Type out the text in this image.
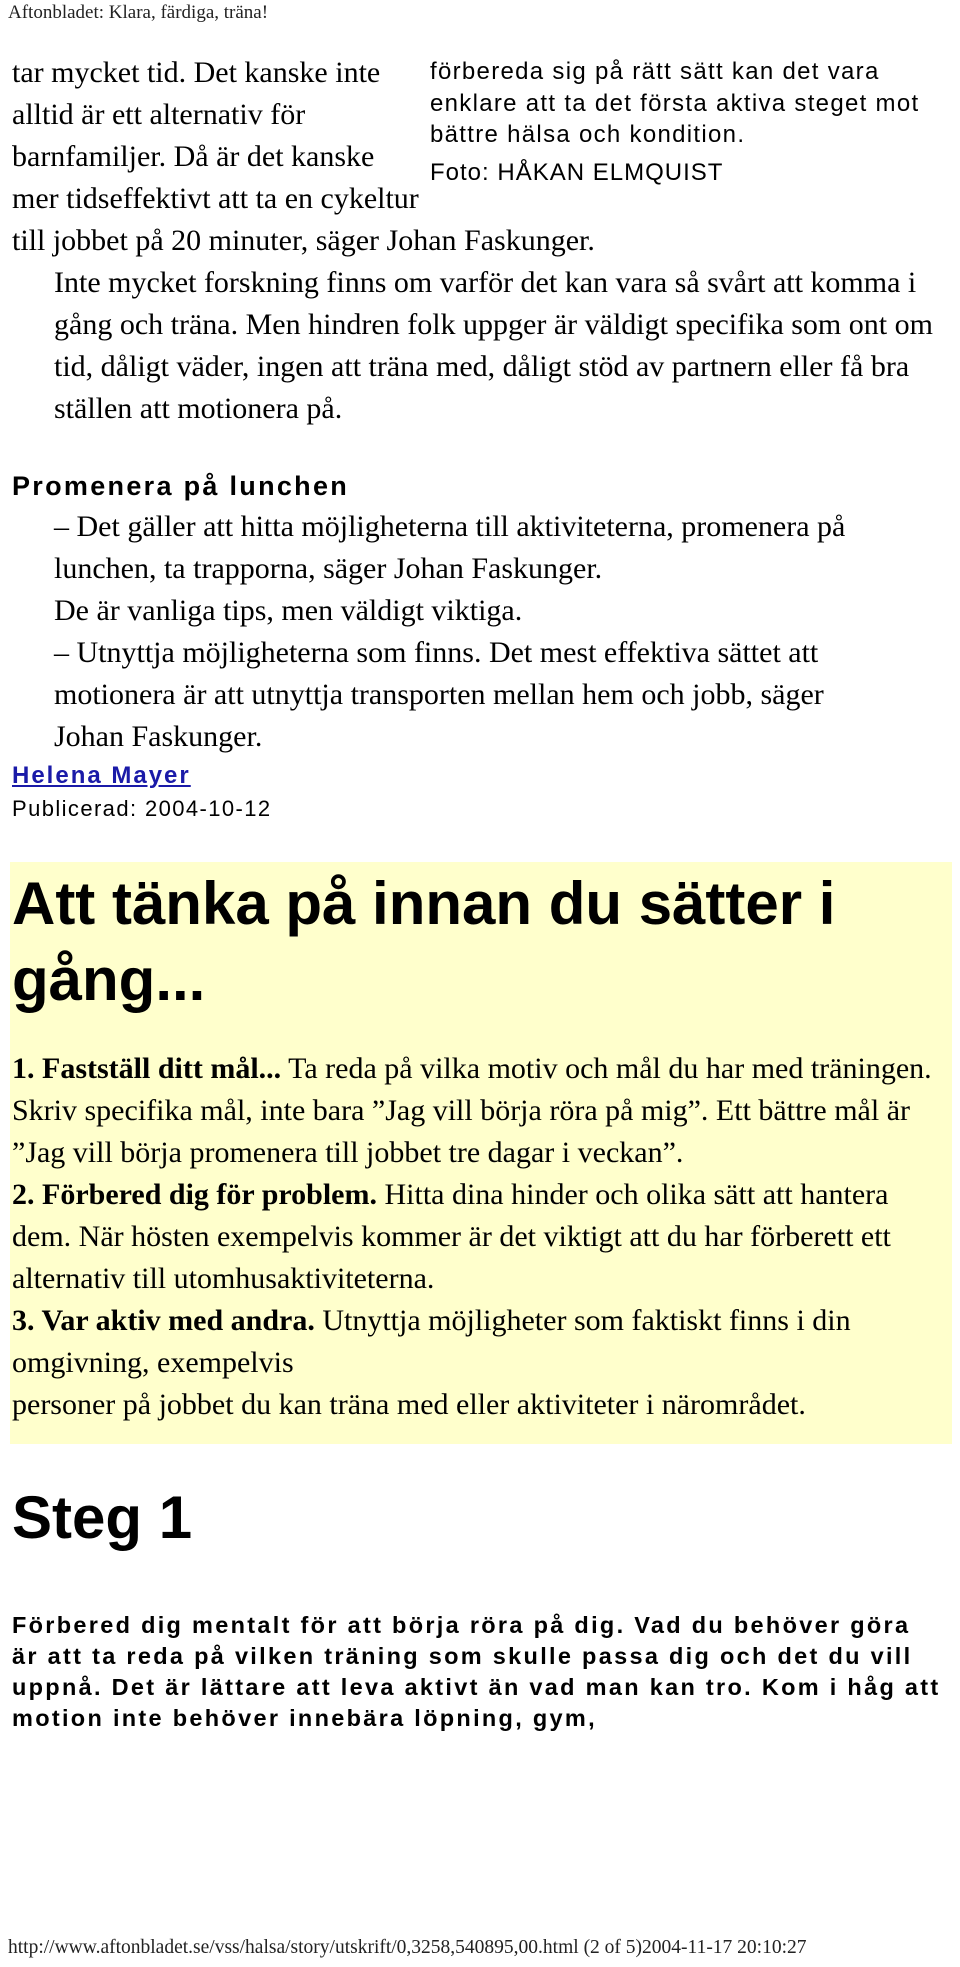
Aftonbladet: Klara, färdiga, träna!
förbereda sig på rätt sätt kan det vara enklare att ta det första aktiva steget mot bättre hälsa och kondition.
Foto: HÅKAN ELMQUIST

tar mycket tid. Det kanske inte alltid är ett alternativ för barnfamiljer. Då är det kanske mer tidseffektivt att ta en cykeltur till jobbet på 20 minuter, säger Johan Faskunger.

Inte mycket forskning finns om varför det kan vara så svårt att komma i gång och träna. Men hindren folk uppger är väldigt specifika som ont om tid, dåligt väder, ingen att träna med, dåligt stöd av partnern eller få bra ställen att motionera på.

Promenera på lunchen

– Det gäller att hitta möjligheterna till aktiviteterna, promenera på lunchen, ta trapporna, säger Johan Faskunger.

De är vanliga tips, men väldigt viktiga.

– Utnyttja möjligheterna som finns. Det mest effektiva sättet att motionera är att utnyttja transporten mellan hem och jobb, säger

Johan Faskunger.

Helena Mayer
Publicerad: 2004-10-12
Att tänka på innan du sätter i gång...

1. Fastställ ditt mål... Ta reda på vilka motiv och mål du har med träningen. Skriv specifika mål, inte bara ”Jag vill börja röra på mig”. Ett bättre mål är ”Jag vill börja promenera till jobbet tre dagar i veckan”.

2. Förbered dig för problem. Hitta dina hinder och olika sätt att hantera dem. När hösten exempelvis kommer är det viktigt att du har förberett ett alternativ till utomhusaktiviteterna.

3. Var aktiv med andra. Utnyttja möjligheter som faktiskt finns i din omgivning, exempelvis
personer på jobbet du kan träna med eller aktiviteter i närområdet.

Steg 1

Förbered dig mentalt för att börja röra på dig. Vad du behöver göra är att ta reda på vilken träning som skulle passa dig och det du vill uppnå. Det är lättare att leva aktivt än vad man kan tro. Kom i håg att motion inte behöver innebära löpning, gym,

http://www.aftonbladet.se/vss/halsa/story/utskrift/0,3258,540895,00.html (2 of 5)2004-11-17 20:10:27
